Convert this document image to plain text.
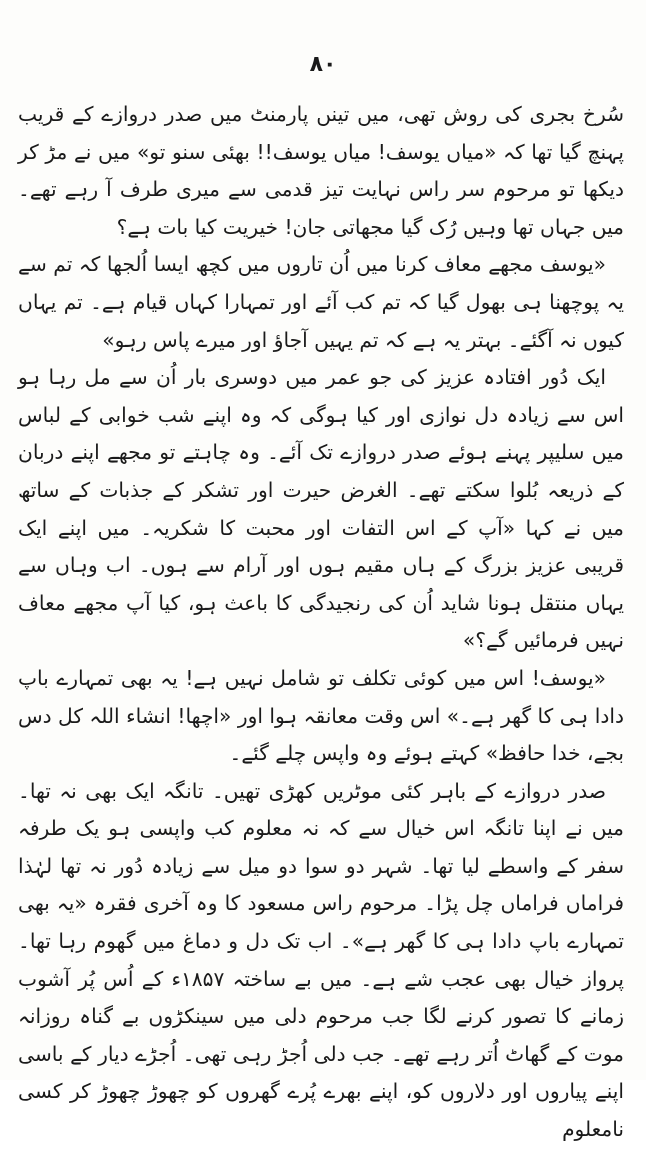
۸۰

سُرخ بجری کی روش تھی، میں تینں پارمنٹ میں صدر دروازے کے قریب پہنچ گیا تھا کہ «میاں یوسف! میاں یوسف!! بھئی سنو تو» میں نے مڑ کر دیکھا تو مرحوم سر راس نہایت تیز قدمی سے میری طرف آ رہے تھے۔ میں جہاں تھا وہیں رُک گیا مجھاتی جان! خیریت کیا بات ہے؟

«یوسف مجھے معاف کرنا میں اُن تاروں میں کچھ ایسا اُلجھا کہ تم سے یہ پوچھنا ہی بھول گیا کہ تم کب آئے اور تمہارا کہاں قیام ہے۔ تم یہاں کیوں نہ آگئے۔ بہتر یہ ہے کہ تم یہیں آجاؤ اور میرے پاس رہو»

ایک دُور افتادہ عزیز کی جو عمر میں دوسری بار اُن سے مل رہا ہو اس سے زیادہ دل نوازی اور کیا ہوگی کہ وہ اپنے شب خوابی کے لباس میں سلیپر پہنے ہوئے صدر دروازے تک آئے۔ وہ چاہتے تو مجھے اپنے دربان کے ذریعہ بُلوا سکتے تھے۔ الغرض حیرت اور تشکر کے جذبات کے ساتھ میں نے کہا «آپ کے اس التفات اور محبت کا شکریہ۔ میں اپنے ایک قریبی عزیز بزرگ کے ہاں مقیم ہوں اور آرام سے ہوں۔ اب وہاں سے یہاں منتقل ہونا شاید اُن کی رنجیدگی کا باعث ہو، کیا آپ مجھے معاف نہیں فرمائیں گے؟»

«یوسف! اس میں کوئی تکلف تو شامل نہیں ہے! یہ بھی تمہارے باپ دادا ہی کا گھر ہے۔» اس وقت معانقہ ہوا اور «اچھا! انشاء اللہ کل دس بجے، خدا حافظ» کہتے ہوئے وہ واپس چلے گئے۔

صدر دروازے کے باہر کئی موٹریں کھڑی تھیں۔ تانگہ ایک بھی نہ تھا۔ میں نے اپنا تانگہ اس خیال سے کہ نہ معلوم کب واپسی ہو یک طرفہ سفر کے واسطے لیا تھا۔ شہر دو سوا دو میل سے زیادہ دُور نہ تھا لہٰذا فراماں فراماں چل پڑا۔ مرحوم راس مسعود کا وہ آخری فقرہ «یہ بھی تمہارے باپ دادا ہی کا گھر ہے»۔ اب تک دل و دماغ میں گھوم رہا تھا۔ پرواز خیال بھی عجب شے ہے۔ میں بے ساختہ ۱۸۵۷ء کے اُس پُر آشوب زمانے کا تصور کرنے لگا جب مرحوم دلی میں سینکڑوں بے گناہ روزانہ موت کے گھاٹ اُتر رہے تھے۔ جب دلی اُجڑ رہی تھی۔ اُجڑے دیار کے باسی اپنے پیاروں اور دلاروں کو، اپنے بھرے پُرے گھروں کو چھوڑ چھوڑ کر کسی نامعلوم
